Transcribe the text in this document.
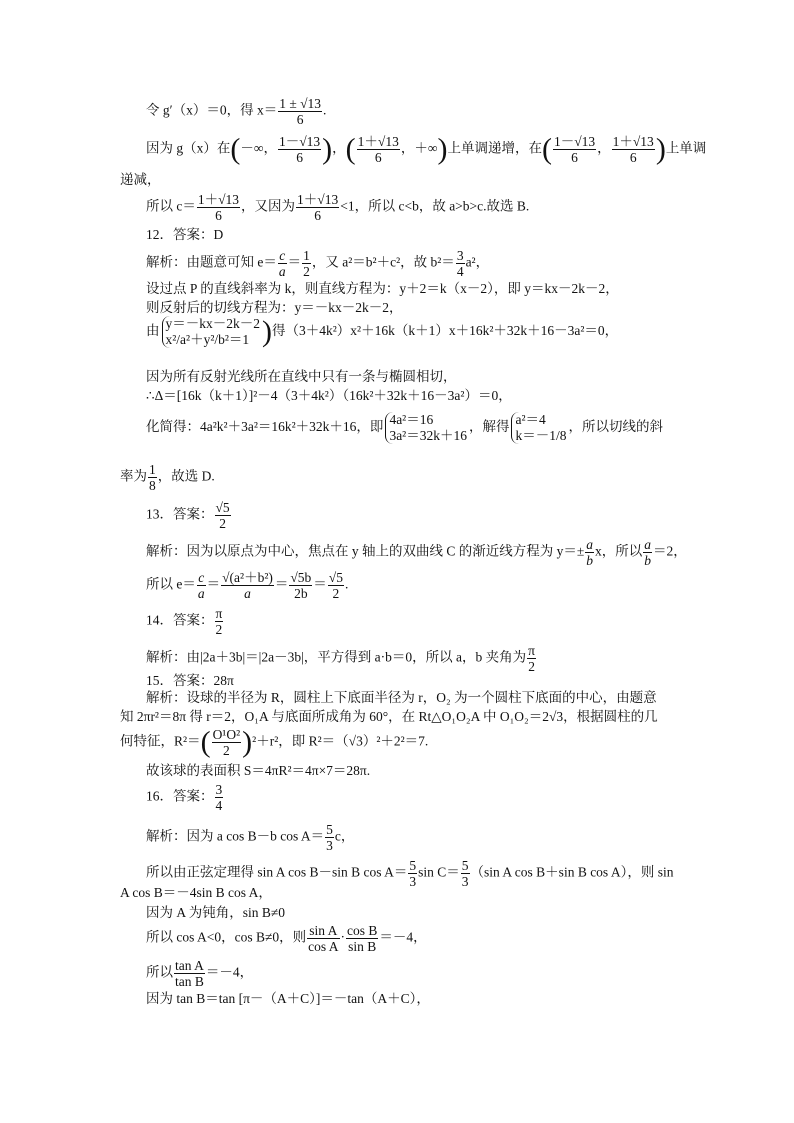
令 g′（x）＝0，得 $x= \frac{1 \pm √13}{6}$ .
因为 g（x）在(－∞， $\frac{1-√13}{6}$ )，( $\frac{1+√13}{6}$ ，＋∞)上单调递增，在( $\frac{1-√13}{6}$ ， $\frac{1+√13}{6}$ )上单调
递减，
所以 $c= \frac{1+√13}{6}$ ，又因为 $\frac{1+√13}{6} <1$，所以 c<b，故 a>b>c.故选 B.
12．答案：D
解析：由题意可知 $e= \frac{c}{a} = \frac{1}{2}$ ，又 a²＝b²＋c²，故 $b^2= \frac{3}{4} a^2$，
设过点 P 的直线斜率为 k，则直线方程为：y＋2＝k（x－2），即 y＝kx－2k－2，
则反射后的切线方程为：y＝－kx－2k－2，
由 y＝－kx－2k－2
x²/a²＋y²/b²＝1 )得（3＋4k²）x²＋16k（k＋1）x＋16k²＋32k＋16－3a²＝0，
因为所有反射光线所在直线中只有一条与椭圆相切，
∴Δ＝[16k（k＋1）]²－4（3＋4k²）（16k²＋32k＋16－3a²）＝0，
化简得：4a²k²＋3a²＝16k²＋32k＋16，即 4a²＝16
3a²＝32k＋16
，解得 a²＝4
k＝－1/8
，所以切线的斜
率为 $\frac{1}{8}$ ，故选 D.
13．答案： $\frac{√5}{2}$
解析：因为以原点为中心，焦点在 y 轴上的双曲线 C 的渐近线方程为 $y=\pm \frac{a}{b}$ x，所以 $\frac{a}{b} =2$，
所以 $e= \frac{c}{a} = \frac{\text{√(a²＋b²)}}{a} = \frac{√5b}{2b} = \frac{√5}{2}$ .
14．答案： $\frac{\pi}{2}$
解析：由|2a＋3b|＝|2a－3b|，平方得到 a·b＝0，所以 a，b 夹角为 $\frac{\pi}{2}$
15．答案：28π
解析：设球的半径为 R，圆柱上下底面半径为 r，O₂ 为一个圆柱下底面的中心，由题意
知 2πr²＝8π 得 r＝2，O₁A 与底面所成角为 60°，在 Rt△O₁O₂A 中 O₁O₂＝2√3，根据圆柱的几
何特征，$R^2=( \frac{\text{O¹O²}}{2} )^2+r^2$，即 R²＝（√3）²＋2²＝7.
故该球的表面积 S＝4πR²＝4π×7＝28π.
16．答案： $\frac{3}{4}$
解析：因为 a cos B－b $\cos A= \frac{5}{3}$ c，
所以由正弦定理得 sin A cos B－sin B $\cos A= \frac{5}{3}$ $\sin C= \frac{5}{3} (\sin$ A cos B＋sin B cos A），则 sin
A cos B＝－4sin B cos A，
因为 A 为钝角，sin B≠0
所以 cos A<0，cos B≠0，则 $\frac{\text{sin A}}{\text{cos A}} \cdot \frac{\text{cos B}}{\text{sin B}} =-4$，
所以 $\frac{\text{tan A}}{\text{tan B}} =-4$，
因为 tan B＝tan [π－（A＋C）]＝－tan（A＋C），
